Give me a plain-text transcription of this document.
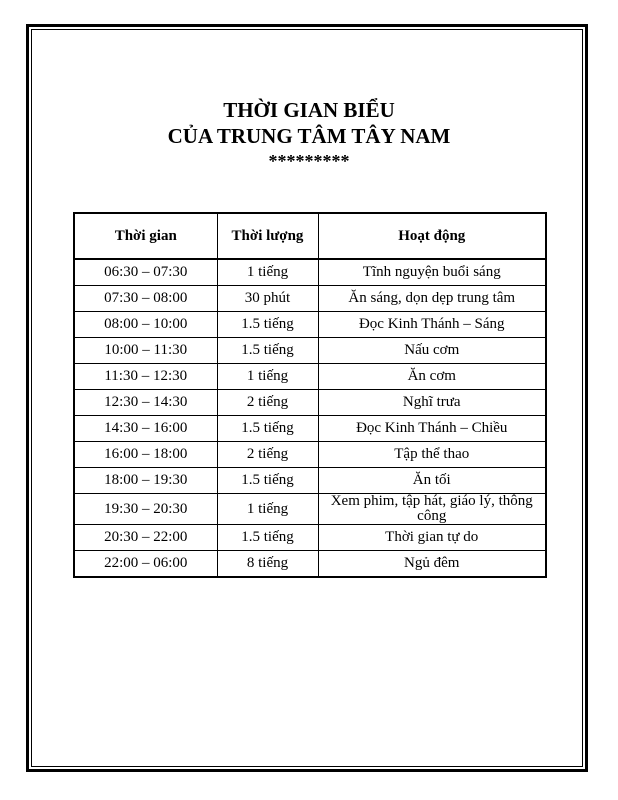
THỜI GIAN BIỂU
CỦA TRUNG TÂM TÂY NAM
*********
Thời gian	Thời lượng	Hoạt động
06:30 – 07:30	1 tiếng	Tĩnh nguyện buổi sáng
07:30 – 08:00	30 phút	Ăn sáng, dọn dẹp trung tâm
08:00 – 10:00	1.5 tiếng	Đọc Kinh Thánh – Sáng
10:00 – 11:30	1.5 tiếng	Nấu cơm
11:30 – 12:30	1 tiếng	Ăn cơm
12:30 – 14:30	2 tiếng	Nghĩ trưa
14:30 – 16:00	1.5 tiếng	Đọc Kinh Thánh – Chiều
16:00 – 18:00	2 tiếng	Tập thể thao
18:00 – 19:30	1.5 tiếng	Ăn tối
19:30 – 20:30	1 tiếng	Xem phim, tập hát, giáo lý, thông công
20:30 – 22:00	1.5 tiếng	Thời gian tự do
22:00 – 06:00	8 tiếng	Ngủ đêm
